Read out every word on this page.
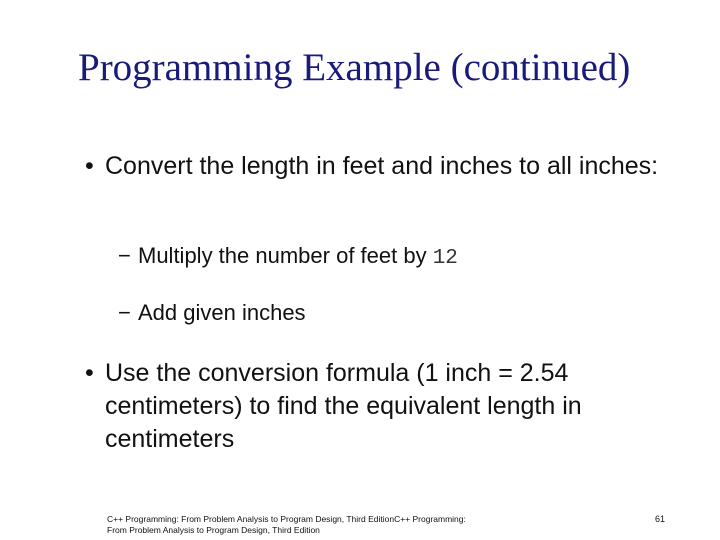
Programming Example (continued)
• Convert the length in feet and inches to all inches:
− Multiply the number of feet by 12
− Add given inches
• Use the conversion formula (1 inch = 2.54 centimeters) to find the equivalent length in centimeters
C++ Programming: From Problem Analysis to Program Design, Third EditionC++ Programming: From Problem Analysis to Program Design, Third Edition
61
